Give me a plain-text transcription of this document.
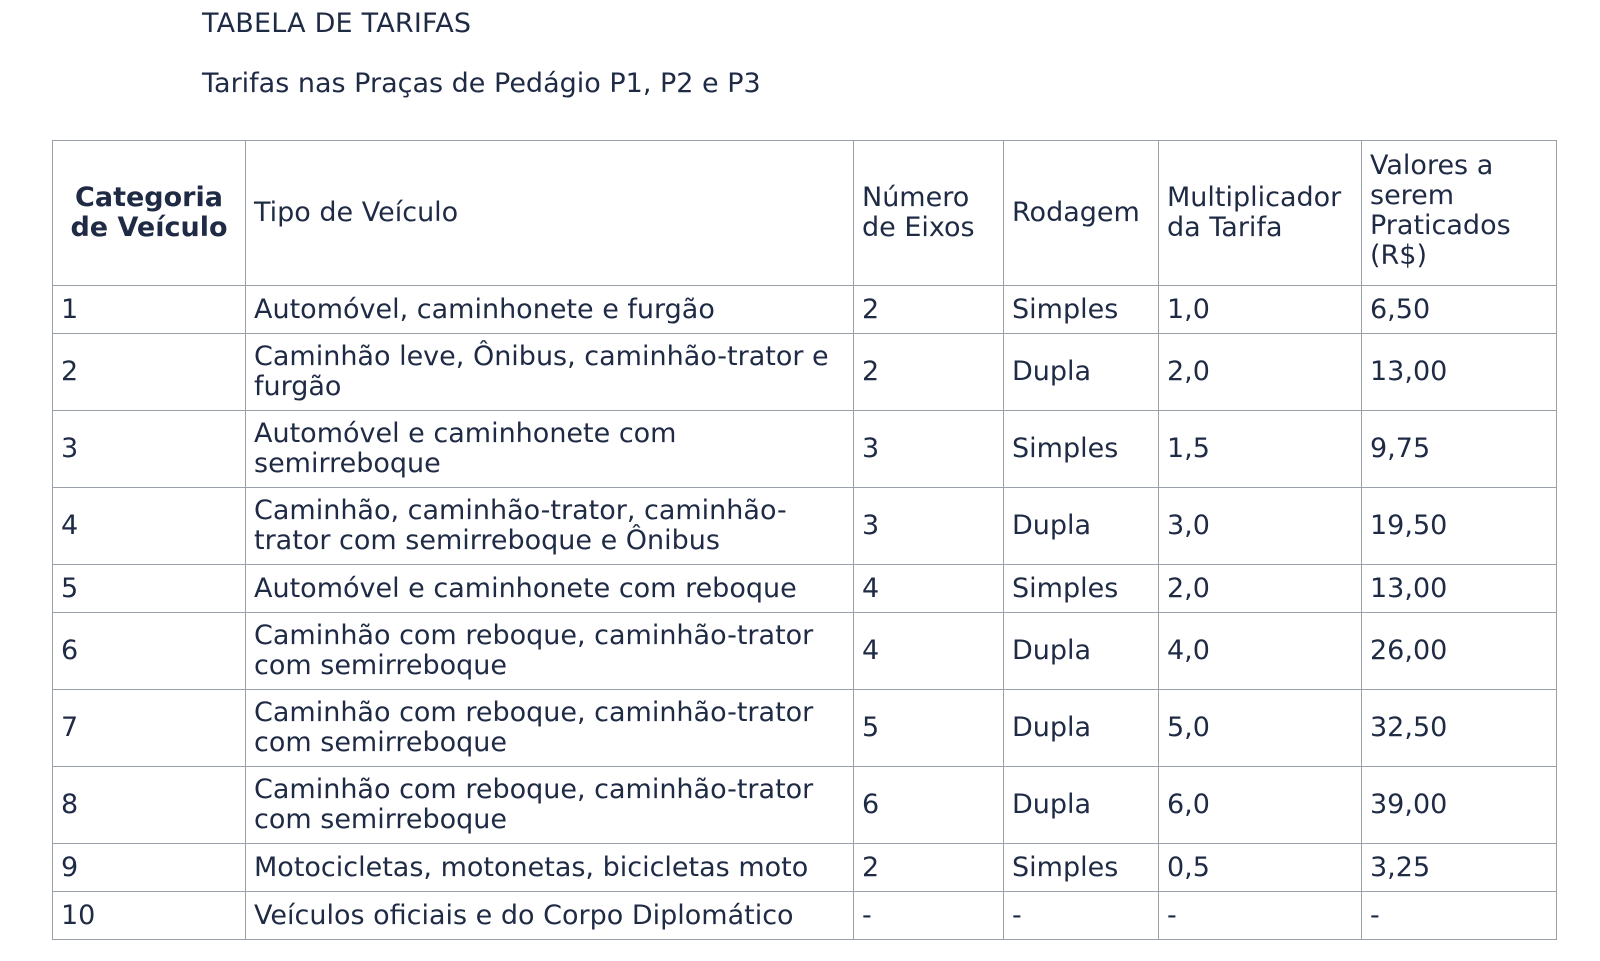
TABELA DE TARIFAS
Tarifas nas Praças de Pedágio P1, P2 e P3
Categoria de Veículo	Tipo de Veículo	Número de Eixos	Rodagem	Multiplicador da Tarifa	Valores a serem Praticados (R$)
1	Automóvel, caminhonete e furgão	2	Simples	1,0	6,50
2	Caminhão leve, Ônibus, caminhão-trator e furgão	2	Dupla	2,0	13,00
3	Automóvel e caminhonete com semirreboque	3	Simples	1,5	9,75
4	Caminhão, caminhão-trator, caminhão-trator com semirreboque e Ônibus	3	Dupla	3,0	19,50
5	Automóvel e caminhonete com reboque	4	Simples	2,0	13,00
6	Caminhão com reboque, caminhão-trator com semirreboque	4	Dupla	4,0	26,00
7	Caminhão com reboque, caminhão-trator com semirreboque	5	Dupla	5,0	32,50
8	Caminhão com reboque, caminhão-trator com semirreboque	6	Dupla	6,0	39,00
9	Motocicletas, motonetas, bicicletas moto	2	Simples	0,5	3,25
10	Veículos oficiais e do Corpo Diplomático	-	-	-	-
